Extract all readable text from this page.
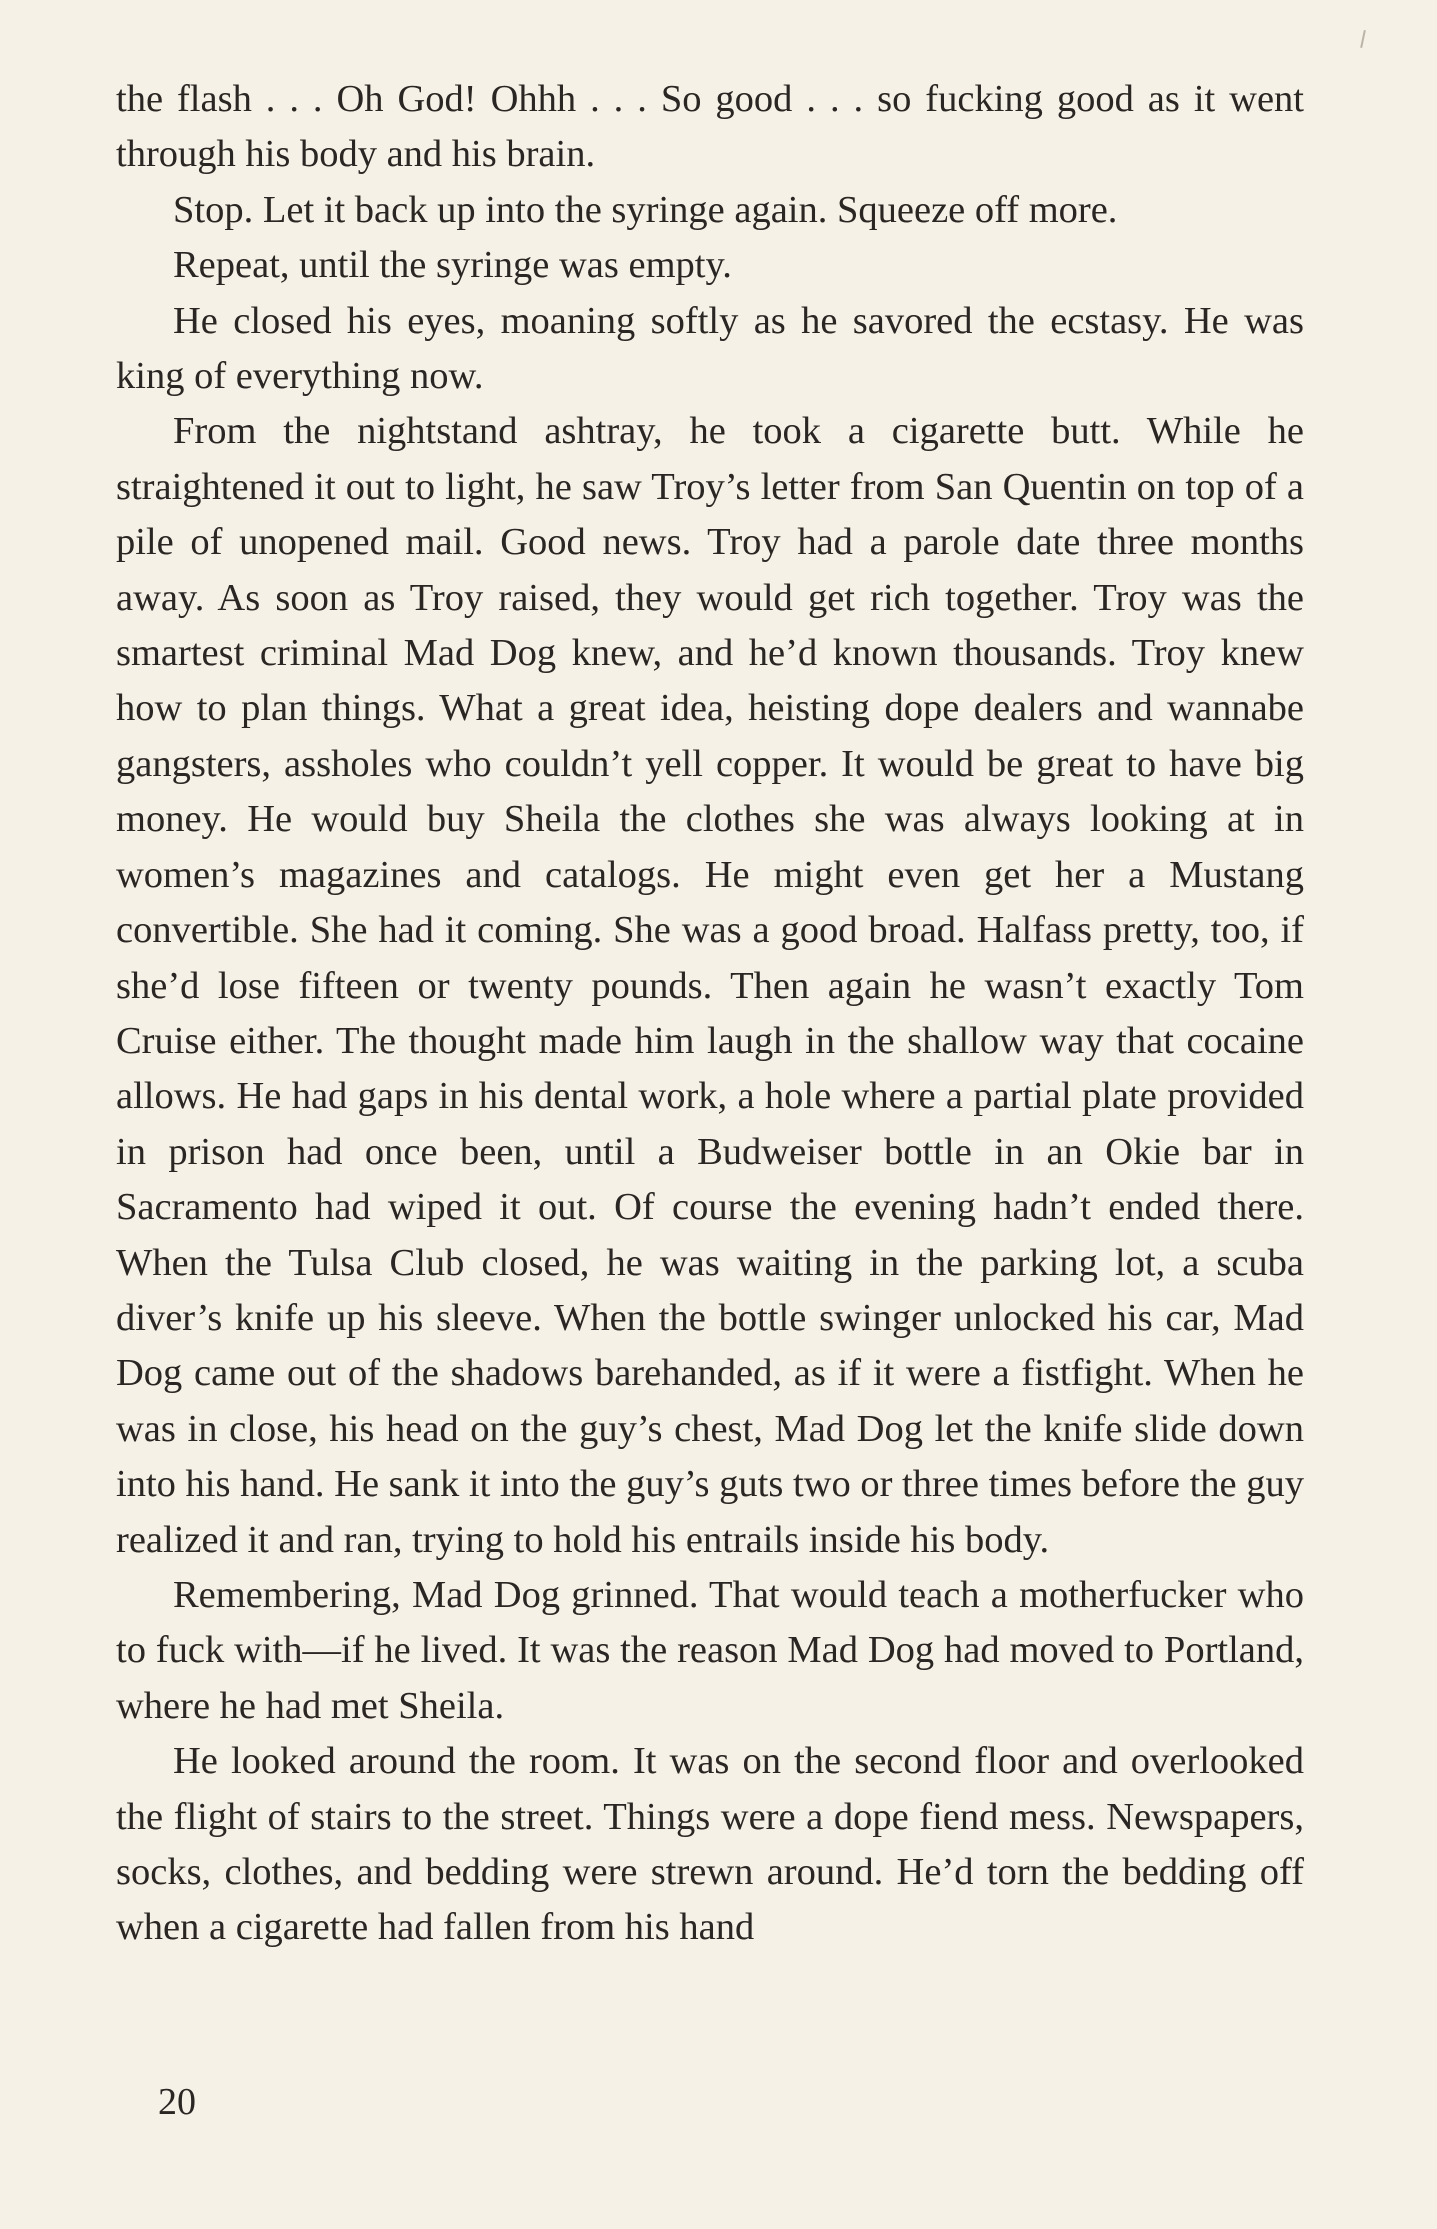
the flash . . . Oh God! Ohhh . . . So good . . . so fucking good as it went through his body and his brain.

Stop. Let it back up into the syringe again. Squeeze off more.

Repeat, until the syringe was empty.

He closed his eyes, moaning softly as he savored the ecstasy. He was king of everything now.

From the nightstand ashtray, he took a cigarette butt. While he straightened it out to light, he saw Troy’s letter from San Quentin on top of a pile of unopened mail. Good news. Troy had a parole date three months away. As soon as Troy raised, they would get rich together. Troy was the smartest criminal Mad Dog knew, and he’d known thousands. Troy knew how to plan things. What a great idea, heisting dope dealers and wannabe gangsters, assholes who couldn’t yell copper. It would be great to have big money. He would buy Sheila the clothes she was always looking at in women’s magazines and catalogs. He might even get her a Mustang convertible. She had it coming. She was a good broad. Halfass pretty, too, if she’d lose fifteen or twenty pounds. Then again he wasn’t exactly Tom Cruise either. The thought made him laugh in the shallow way that cocaine allows. He had gaps in his dental work, a hole where a partial plate provided in prison had once been, until a Budweiser bottle in an Okie bar in Sacramento had wiped it out. Of course the evening hadn’t ended there. When the Tulsa Club closed, he was waiting in the parking lot, a scuba diver’s knife up his sleeve. When the bottle swinger unlocked his car, Mad Dog came out of the shadows barehanded, as if it were a fistfight. When he was in close, his head on the guy’s chest, Mad Dog let the knife slide down into his hand. He sank it into the guy’s guts two or three times before the guy realized it and ran, trying to hold his entrails inside his body.

Remembering, Mad Dog grinned. That would teach a motherfucker who to fuck with—if he lived. It was the reason Mad Dog had moved to Portland, where he had met Sheila.

He looked around the room. It was on the second floor and overlooked the flight of stairs to the street. Things were a dope fiend mess. Newspapers, socks, clothes, and bedding were strewn around. He’d torn the bedding off when a cigarette had fallen from his hand

20
